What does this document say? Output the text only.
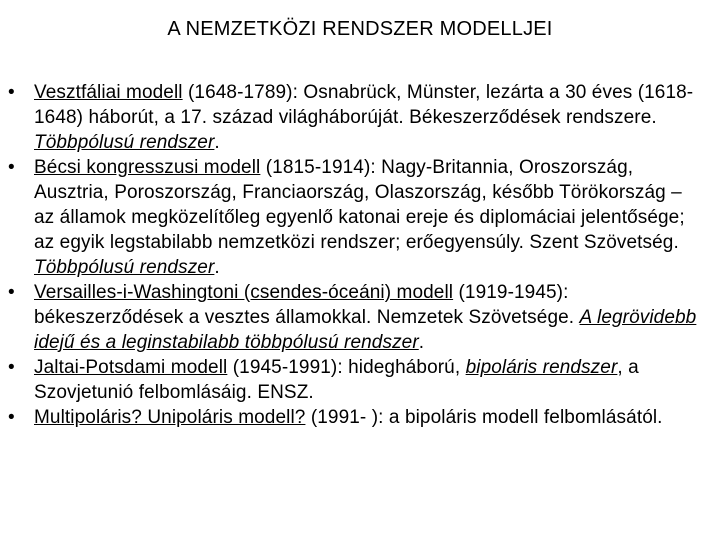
A NEMZETKÖZI RENDSZER MODELLJEI
• Vesztfáliai modell (1648-1789): Osnabrück, Münster, lezárta a 30 éves (1618-1648) háborút, a 17. század világháborúját. Békeszerződések rendszere. Többpólusú rendszer.
• Bécsi kongresszusi modell (1815-1914): Nagy-Britannia, Oroszország, Ausztria, Poroszország, Franciaország, Olaszország, később Törökország – az államok megközelítőleg egyenlő katonai ereje és diplomáciai jelentősége; az egyik legstabilabb nemzetközi rendszer; erőegyensúly. Szent Szövetség. Többpólusú rendszer.
• Versailles-i-Washingtoni (csendes-óceáni) modell (1919-1945): békeszerződések a vesztes államokkal. Nemzetek Szövetsége. A legrövidebb idejű és a leginstabilabb többpólusú rendszer.
• Jaltai-Potsdami modell (1945-1991): hidegháború, bipoláris rendszer, a Szovjetunió felbomlásáig. ENSZ.
• Multipoláris? Unipoláris modell? (1991- ): a bipoláris modell felbomlásától.
